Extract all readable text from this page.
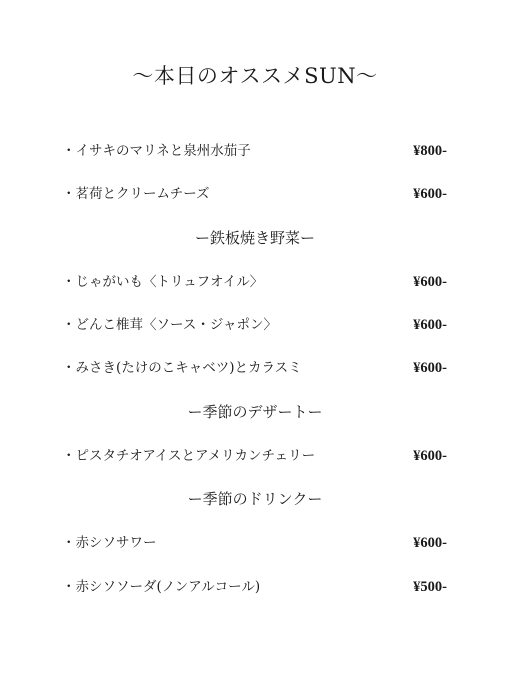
〜本日のオススメSUN〜
・イサキのマリネと泉州水茄子	¥800-
・茗荷とクリームチーズ	¥600-
ー鉄板焼き野菜ー
・じゃがいも〈トリュフオイル〉	¥600-
・どんこ椎茸〈ソース・ジャポン〉	¥600-
・みさき(たけのこキャベツ)とカラスミ	¥600-
ー季節のデザートー
・ピスタチオアイスとアメリカンチェリー	¥600-
ー季節のドリンクー
・赤シソサワー	¥600-
・赤シソソーダ(ノンアルコール)	¥500-
